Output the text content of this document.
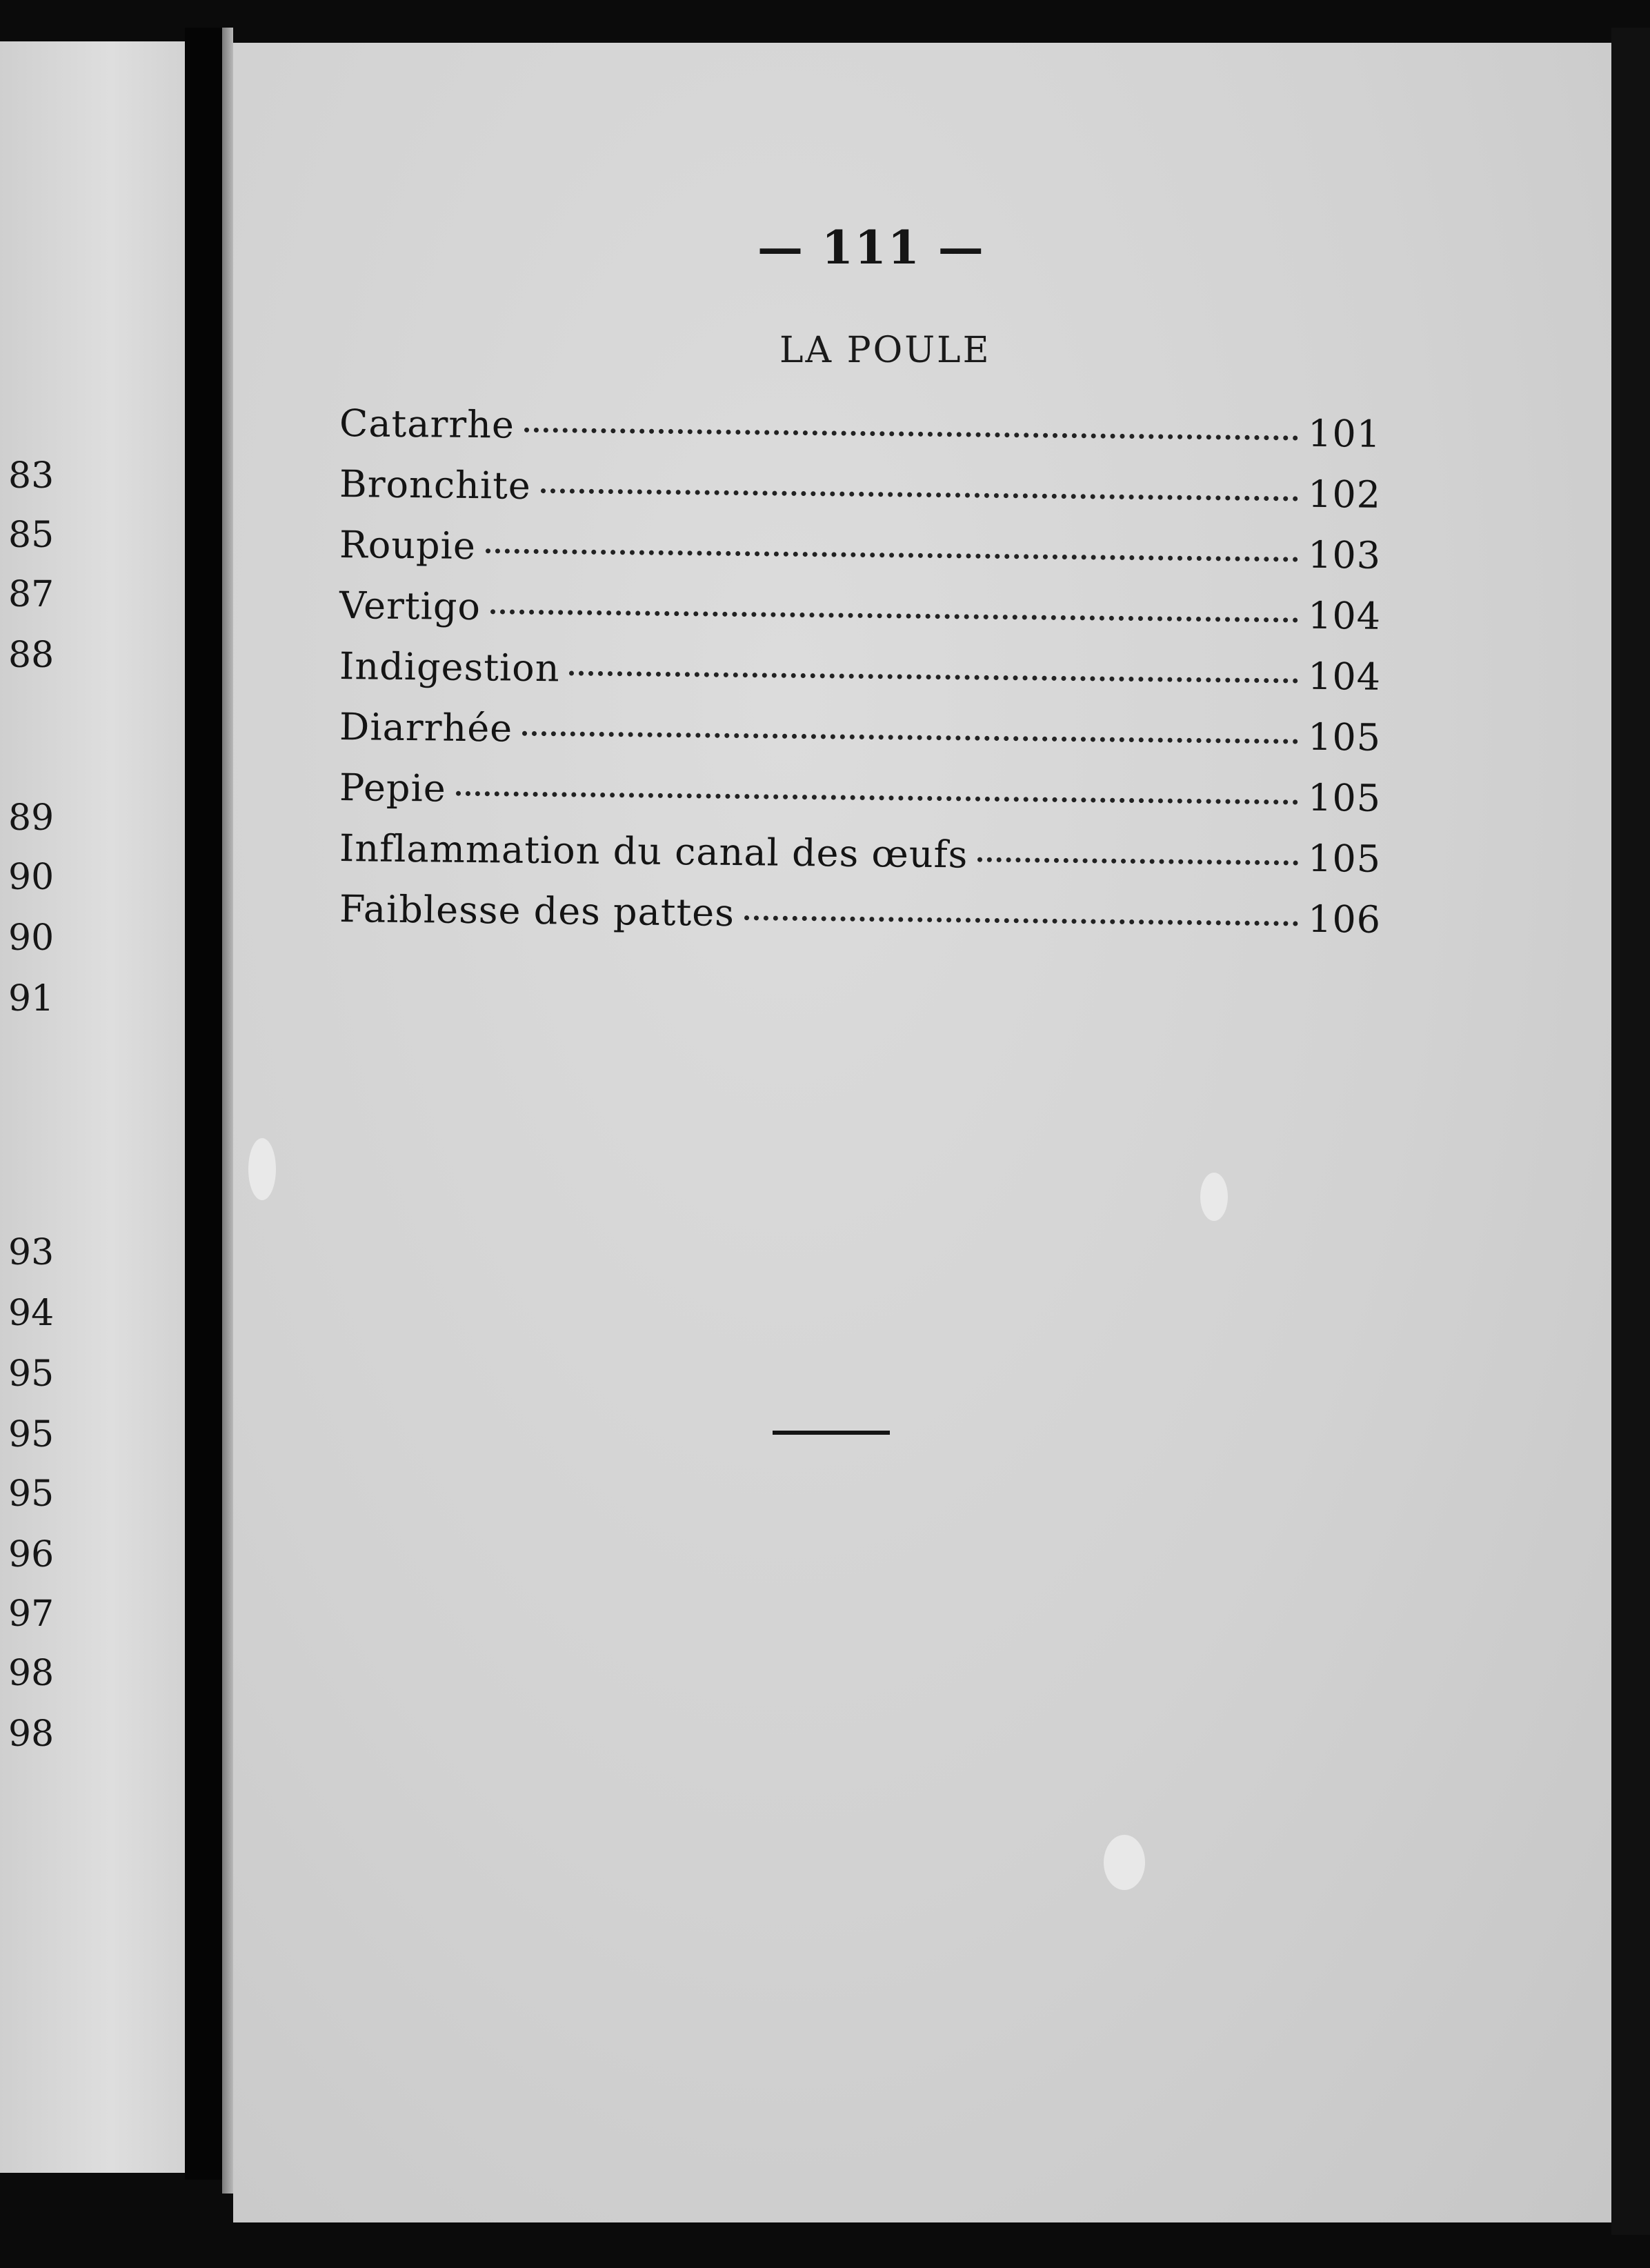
83
85
87
88
89
90
90
91
93
94
95
95
95
96
97
98
98
— 111 —
LA POULE
Catarrhe	101
Bronchite	102
Roupie	103
Vertigo	104
Indigestion	104
Diarrhée	105
Pepie	105
Inflammation du canal des œufs	105
Faiblesse des pattes	106
